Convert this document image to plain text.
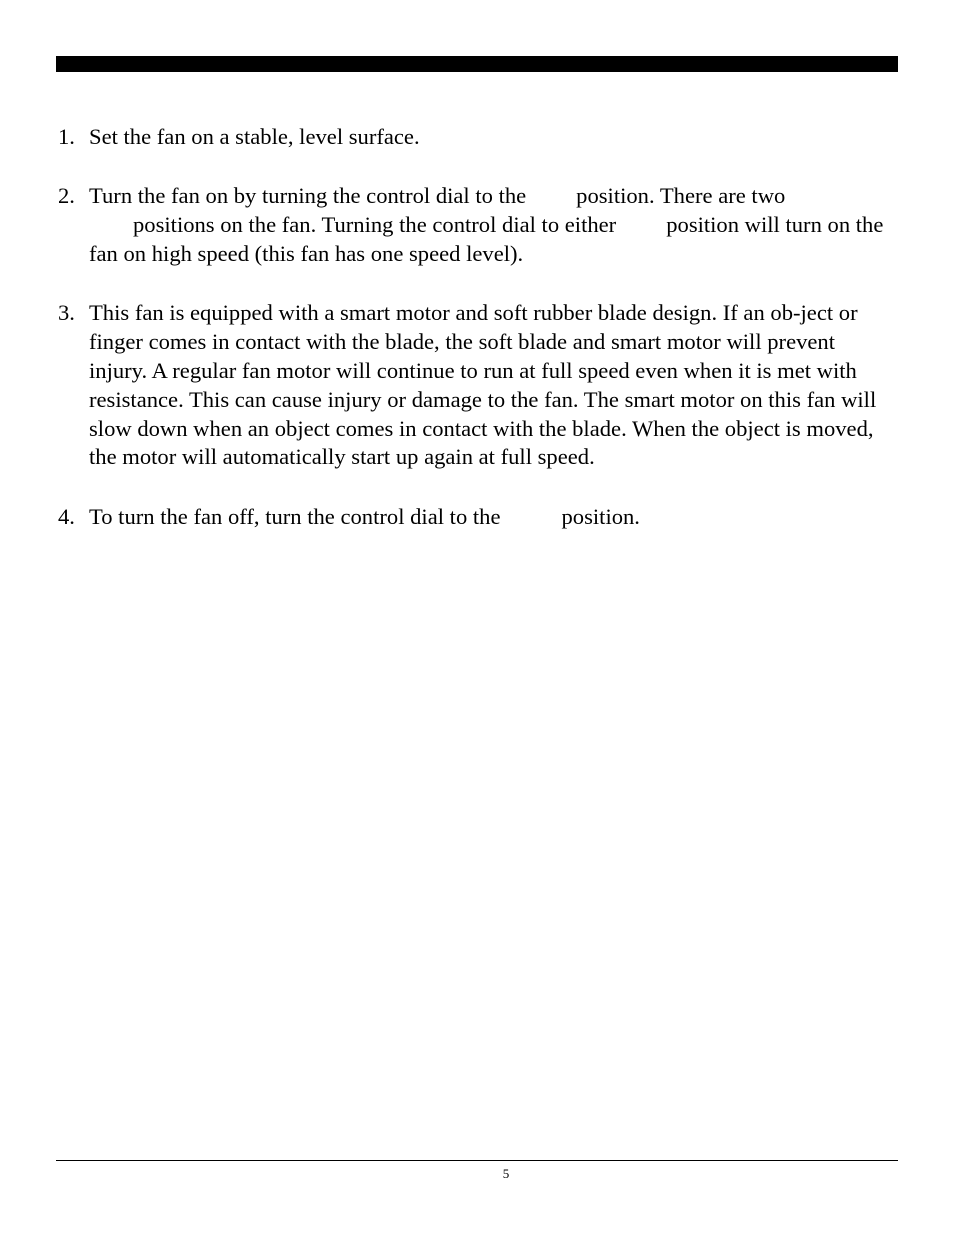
1. Set the fan on a stable, level surface.
2. Turn the fan on by turning the control dial to the position. There are two
positions on the fan. Turning the control dial to either position will turn on the fan on high speed (this fan has one speed level).
3. This fan is equipped with a smart motor and soft rubber blade design. If an ob-ject or finger comes in contact with the blade, the soft blade and smart motor will prevent injury. A regular fan motor will continue to run at full speed even when it is met with resistance. This can cause injury or damage to the fan. The smart motor on this fan will slow down when an object comes in contact with the blade. When the object is moved, the motor will automatically start up again at full speed.
4. To turn the fan off, turn the control dial to the	position.
5
